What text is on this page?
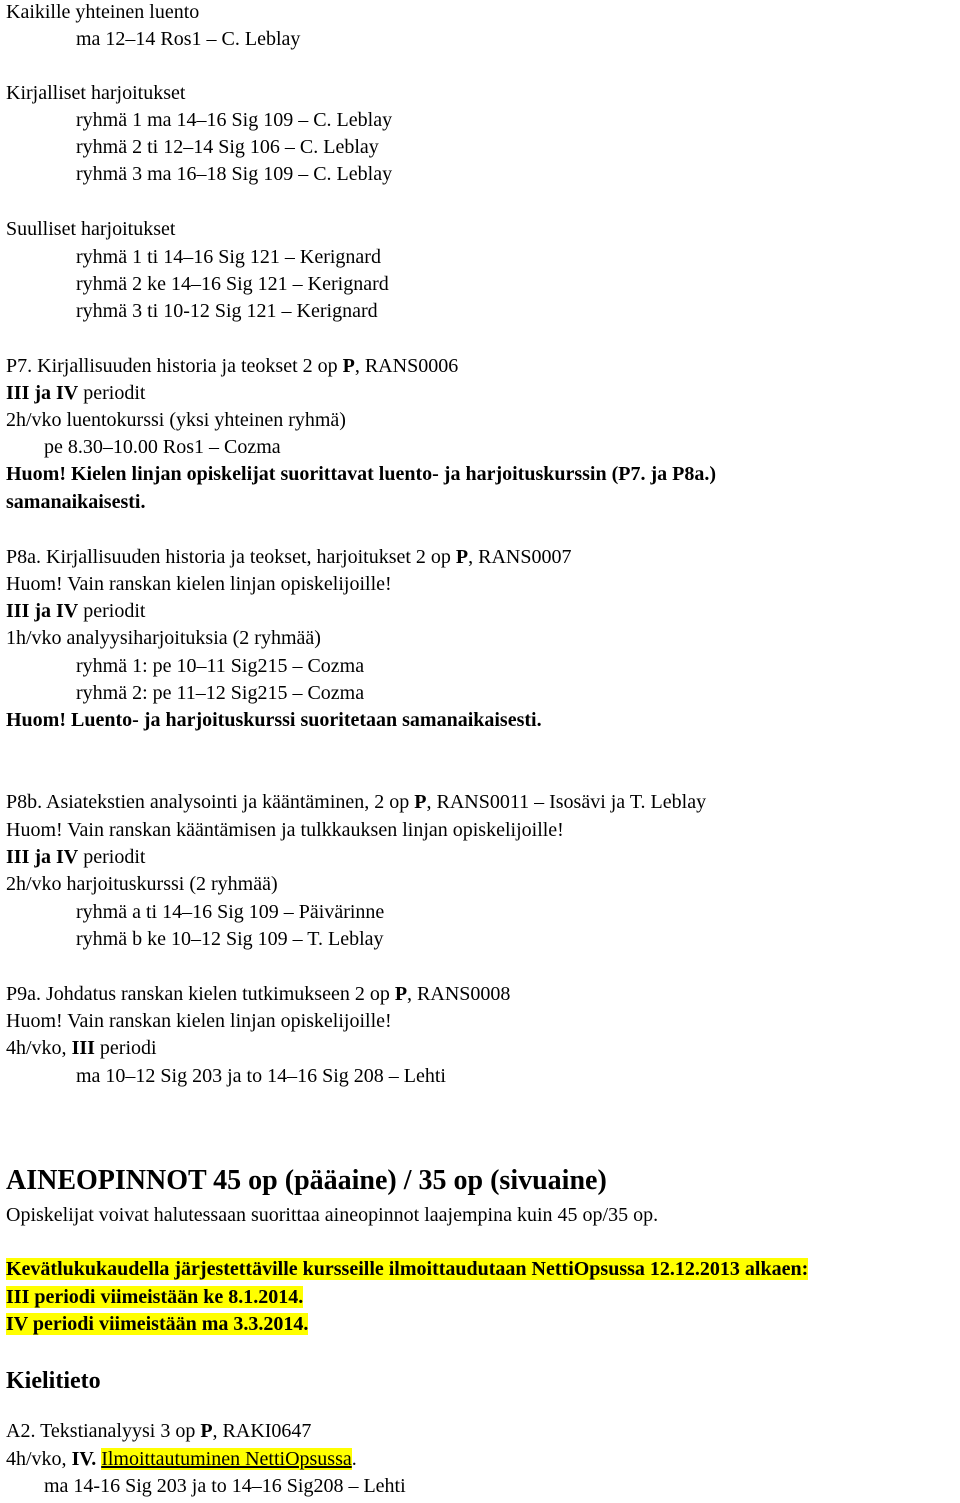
Kaikille yhteinen luento
ma 12–14 Ros1 – C. Leblay
Kirjalliset harjoitukset
ryhmä 1 ma 14–16 Sig 109 – C. Leblay
ryhmä 2 ti 12–14 Sig 106 – C. Leblay
ryhmä 3 ma 16–18 Sig 109 – C. Leblay
Suulliset harjoitukset
ryhmä 1 ti 14–16 Sig 121 – Kerignard
ryhmä 2 ke 14–16 Sig 121 – Kerignard
ryhmä 3 ti 10-12 Sig 121 – Kerignard
P7. Kirjallisuuden historia ja teokset 2 op P, RANS0006
III ja IV periodit
2h/vko luentokurssi (yksi yhteinen ryhmä)
pe 8.30–10.00 Ros1 – Cozma
Huom! Kielen linjan opiskelijat suorittavat luento- ja harjoituskurssin (P7. ja P8a.)
samanaikaisesti.
P8a. Kirjallisuuden historia ja teokset, harjoitukset 2 op P, RANS0007
Huom! Vain ranskan kielen linjan opiskelijoille!
III ja IV periodit
1h/vko analyysiharjoituksia (2 ryhmää)
ryhmä 1: pe 10–11 Sig215 – Cozma
ryhmä 2: pe 11–12 Sig215 – Cozma
Huom! Luento- ja harjoituskurssi suoritetaan samanaikaisesti.
P8b. Asiatekstien analysointi ja kääntäminen, 2 op P, RANS0011 – Isosävi ja T. Leblay
Huom! Vain ranskan kääntämisen ja tulkkauksen linjan opiskelijoille!
III ja IV periodit
2h/vko harjoituskurssi (2 ryhmää)
ryhmä a ti 14–16 Sig 109 – Päivärinne
ryhmä b ke 10–12 Sig 109 – T. Leblay
P9a. Johdatus ranskan kielen tutkimukseen 2 op P, RANS0008
Huom! Vain ranskan kielen linjan opiskelijoille!
4h/vko, III periodi
ma 10–12 Sig 203 ja to 14–16 Sig 208 – Lehti
AINEOPINNOT 45 op (pääaine) / 35 op (sivuaine)
Opiskelijat voivat halutessaan suorittaa aineopinnot laajempina kuin 45 op/35 op.
Kevätlukukaudella järjestettäville kursseille ilmoittaudutaan NettiOpsussa 12.12.2013 alkaen:
III periodi viimeistään ke 8.1.2014.
IV periodi viimeistään ma 3.3.2014.
Kielitieto
A2. Tekstianalyysi 3 op P, RAKI0647
4h/vko, IV. Ilmoittautuminen NettiOpsussa.
ma 14-16 Sig 203 ja to 14–16 Sig208 – Lehti
